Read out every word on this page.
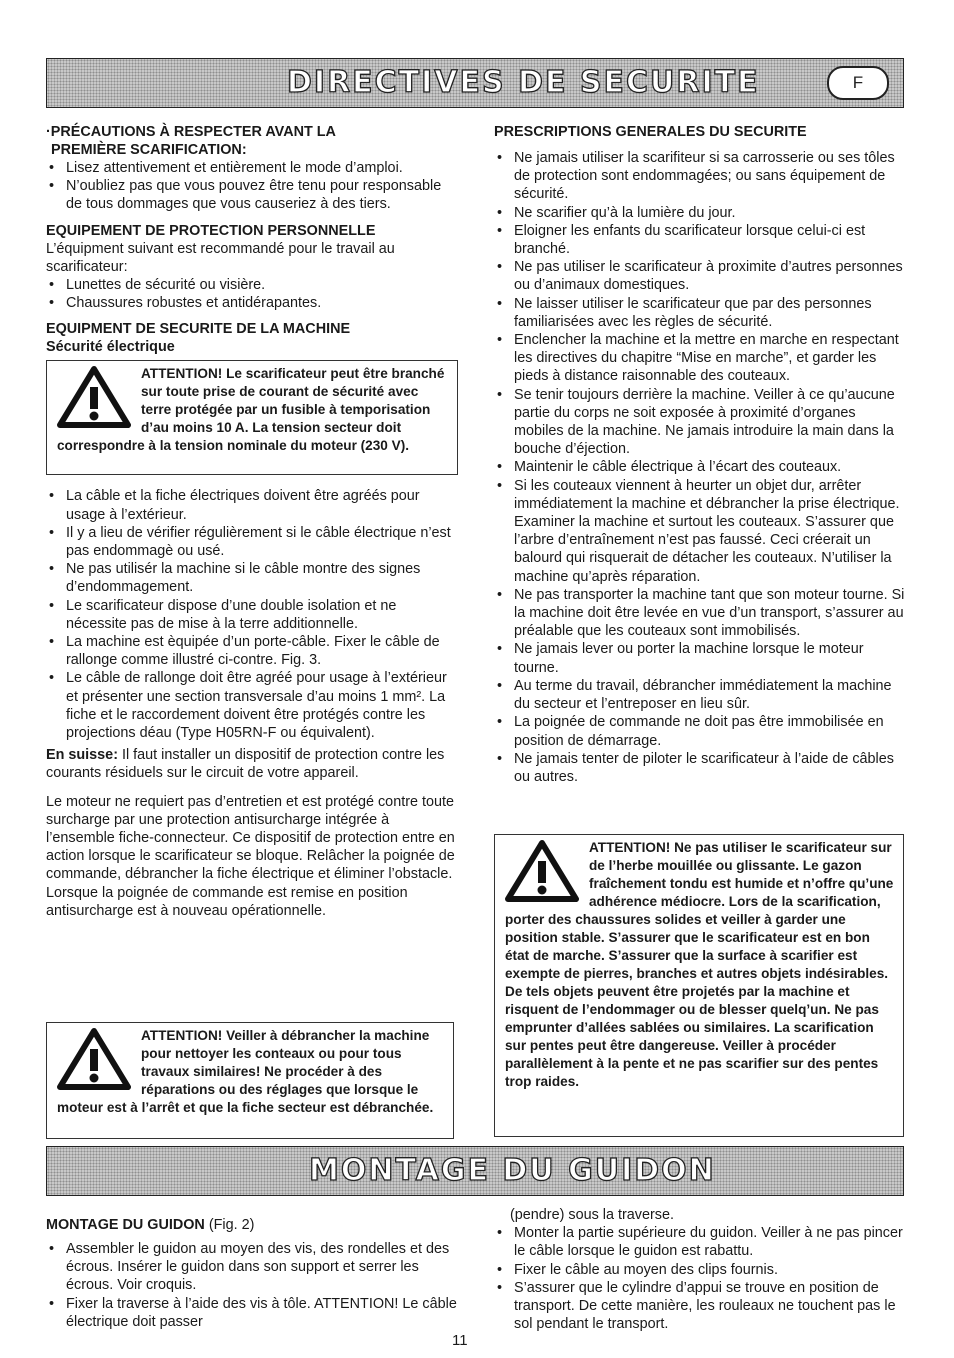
DIRECTIVES DE SECURITE	F
·PRÉCAUTIONS À RESPECTER AVANT LA
PREMIÈRE SCARIFICATION:
• Lisez attentivement et entièrement le mode d’amploi.
• N’oubliez pas que vous pouvez être tenu pour responsable de tous dommages que vous causeriez à des tiers.
EQUIPEMENT DE PROTECTION PERSONNELLE

L’équipment suivant est recommandé pour le travail au scarificateur:

• Lunettes de sécurité ou visière.
• Chaussures robustes et antidérapantes.
EQUIPMENT DE SECURITE DE LA MACHINE
Sécurité électrique
ATTENTION! Le scarificateur peut être branché sur toute prise de courant de sécurité avec terre protégée par un fusible à temporisation d’au moins 10 A. La tension secteur doit correspondre à la tension nominale du moteur (230 V).
• La câble et la fiche électriques doivent être agréés pour usage à l’extérieur.
• Il y a lieu de vérifier régulièrement si le câble électrique n’est pas endommagè ou usé.
• Ne pas utilisér la machine si le câble montre des signes d’endommagement.
• Le scarificateur dispose d’une double isolation et ne nécessite pas de mise à la terre additionnelle.
• La machine est èquipée d’un porte-câble. Fixer le câble de rallonge comme illustré ci-contre. Fig. 3.
• Le câble de rallonge doit être agréé pour usage à l’extérieur et présenter une section transversale d’au moins 1 mm². La fiche et le raccordement doivent être protégés contre les projections déau (Type H05RN-F ou équivalent).

En suisse: Il faut installer un dispositif de protection contre les courants résiduels sur le circuit de votre appareil.

Le moteur ne requiert pas d’entretien et est protégé contre toute surcharge par une protection antisurcharge intégrée à l’ensemble fiche-connecteur. Ce dispositif de protection entre en action lorsque le scarificateur se bloque. Relâcher la poignée de commande, débrancher la fiche électrique et éliminer l’obstacle. Lorsque la poignée de commande est remise en position antisurcharge est à nouveau opérationnelle.

ATTENTION! Veiller à débrancher la machine pour nettoyer les conteaux ou pour tous travaux similaires! Ne procéder à des réparations ou des réglages que lorsque le moteur est à l’arrêt et que la fiche secteur est débranchée.
PRESCRIPTIONS GENERALES DU SECURITE
• Ne jamais utiliser la scarifiteur si sa carrosserie ou ses tôles de protection sont endommagées; ou sans équipement de sécurité.
• Ne scarifier qu’à la lumière du jour.
• Eloigner les enfants du scarificateur lorsque celui-ci est branché.
• Ne pas utiliser le scarificateur à proximite d’autres personnes ou d’animaux domestiques.
• Ne laisser utiliser le scarificateur que par des personnes familiarisées avec les règles de sécurité.
• Enclencher la machine et la mettre en marche en respectant les directives du chapitre “Mise en marche”, et garder les pieds à distance raisonnable des couteaux.
• Se tenir toujours derrière la machine. Veiller à ce qu’aucune partie du corps ne soit exposée à proximité d’organes mobiles de la machine. Ne jamais introduire la main dans la bouche d’éjection.
• Maintenir le câble électrique à l’écart des couteaux.
• Si les couteaux viennent à heurter un objet dur, arrêter immédiatement la machine et débrancher la prise électrique. Examiner la machine et surtout les couteaux. S’assurer que l’arbre d’entraînement n’est pas faussé. Ceci créerait un balourd qui risquerait de détacher les couteaux. N’utiliser la machine qu’après réparation.
• Ne pas transporter la machine tant que son moteur tourne. Si la machine doit être levée en vue d’un transport, s’assurer au préalable que les couteaux sont immobilisés.
• Ne jamais lever ou porter la machine lorsque le moteur tourne.
• Au terme du travail, débrancher immédiatement la machine du secteur et l’entreposer en lieu sûr.
• La poignée de commande ne doit pas être immobilisée en position de démarrage.
• Ne jamais tenter de piloter le scarificateur à l’aide de câbles ou autres.
ATTENTION! Ne pas utiliser le scarificateur sur de l’herbe mouillée ou glissante. Le gazon fraîchement tondu est humide et n’offre qu’une adhérence médiocre. Lors de la scarification, porter des chaussures solides et veiller à garder une position stable. S’assurer que le scarificateur est en bon état de marche. S’assurer que la surface à scarifier est exempte de pierres, branches et autres objets indésirables. De tels objets peuvent être projetés par la machine et risquent de l’endommager ou de blesser quelq’un. Ne pas emprunter d’allées sablées ou similaires. La scarification sur pentes peut être dangereuse. Veiller à procéder parallèlement à la pente et ne pas scarifier sur des pentes trop raides.
MONTAGE DU GUIDON
MONTAGE DU GUIDON (Fig. 2)
• Assembler le guidon au moyen des vis, des rondelles et des écrous. Insérer le guidon dans son support et serrer les écrous. Voir croquis.
• Fixer la traverse à l’aide des vis à tôle. ATTENTION! Le câble électrique doit passer

(pendre) sous la traverse.

• Monter la partie supérieure du guidon. Veiller à ne pas pincer le câble lorsque le guidon est rabattu.
• Fixer le câble au moyen des clips fournis.
• S’assurer que le cylindre d’appui se trouve en position de transport. De cette manière, les rouleaux ne touchent pas le sol pendant le transport.
11
